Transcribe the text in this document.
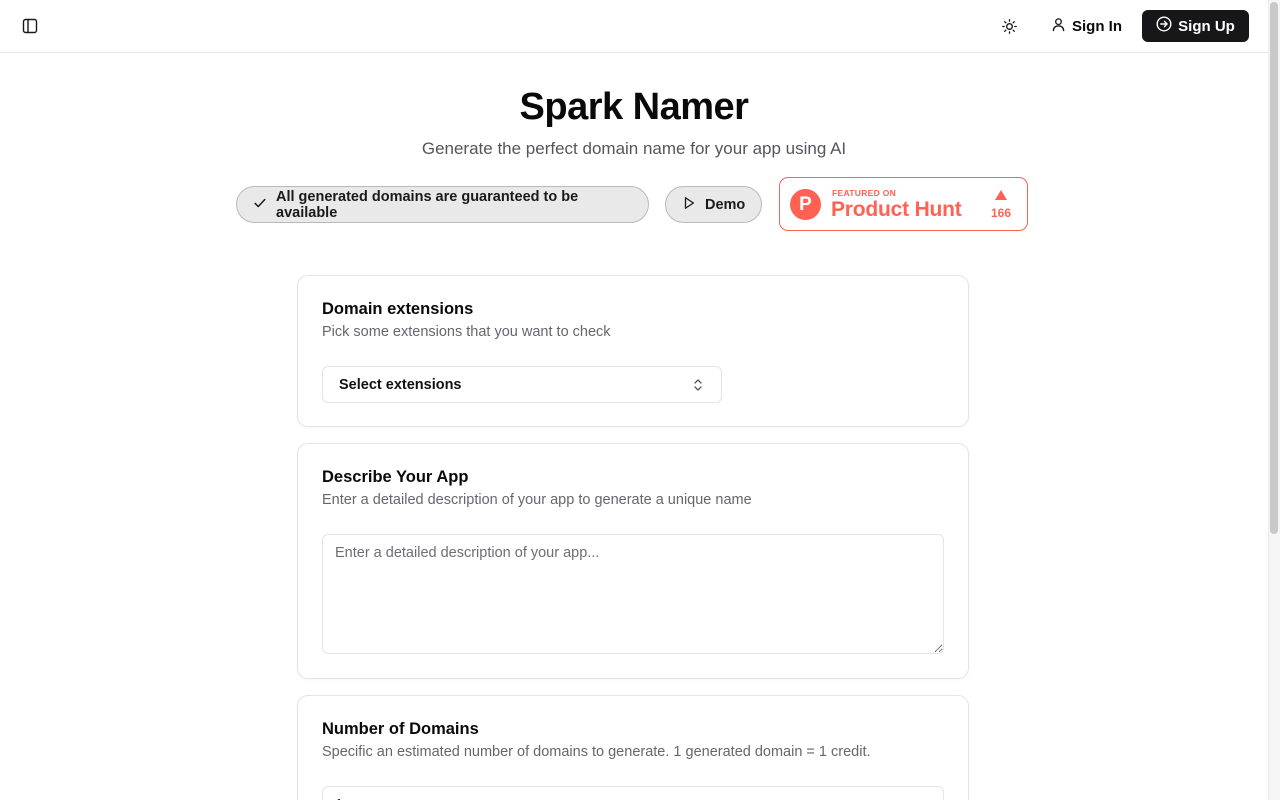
Sign In	Sign Up
Spark Namer

Generate the perfect domain name for your app using AI

All generated domains are guaranteed to be available	Demo	P
FEATURED ON
Product Hunt	166
Domain extensions
Pick some extensions that you want to check
Select extensions
Describe Your App
Enter a detailed description of your app to generate a unique name
Enter a detailed description of your app...
Number of Domains
Specific an estimated number of domains to generate. 1 generated domain = 1 credit.
1
